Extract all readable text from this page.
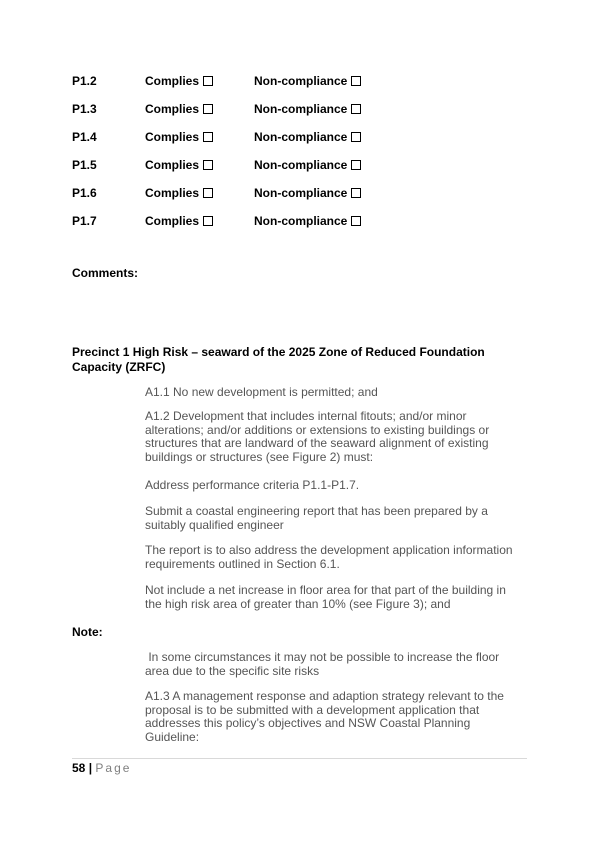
P1.2	Complies	Non-compliance
P1.3	Complies	Non-compliance
P1.4	Complies	Non-compliance
P1.5	Complies	Non-compliance
P1.6	Complies	Non-compliance
P1.7	Complies	Non-compliance
Comments:
Precinct 1 High Risk – seaward of the 2025 Zone of Reduced Foundation Capacity (ZRFC)
A1.1 No new development is permitted; and
A1.2 Development that includes internal fitouts; and/or minor alterations; and/or additions or extensions to existing buildings or structures that are landward of the seaward alignment of existing buildings or structures (see Figure 2) must:
Address performance criteria P1.1-P1.7.
Submit a coastal engineering report that has been prepared by a suitably qualified engineer
The report is to also address the development application information requirements outlined in Section 6.1.
Not include a net increase in floor area for that part of the building in the high risk area of greater than 10% (see Figure 3); and
Note:
In some circumstances it may not be possible to increase the floor area due to the specific site risks
A1.3 A management response and adaption strategy relevant to the proposal is to be submitted with a development application that addresses this policy’s objectives and NSW Coastal Planning Guideline:
58 | Page
